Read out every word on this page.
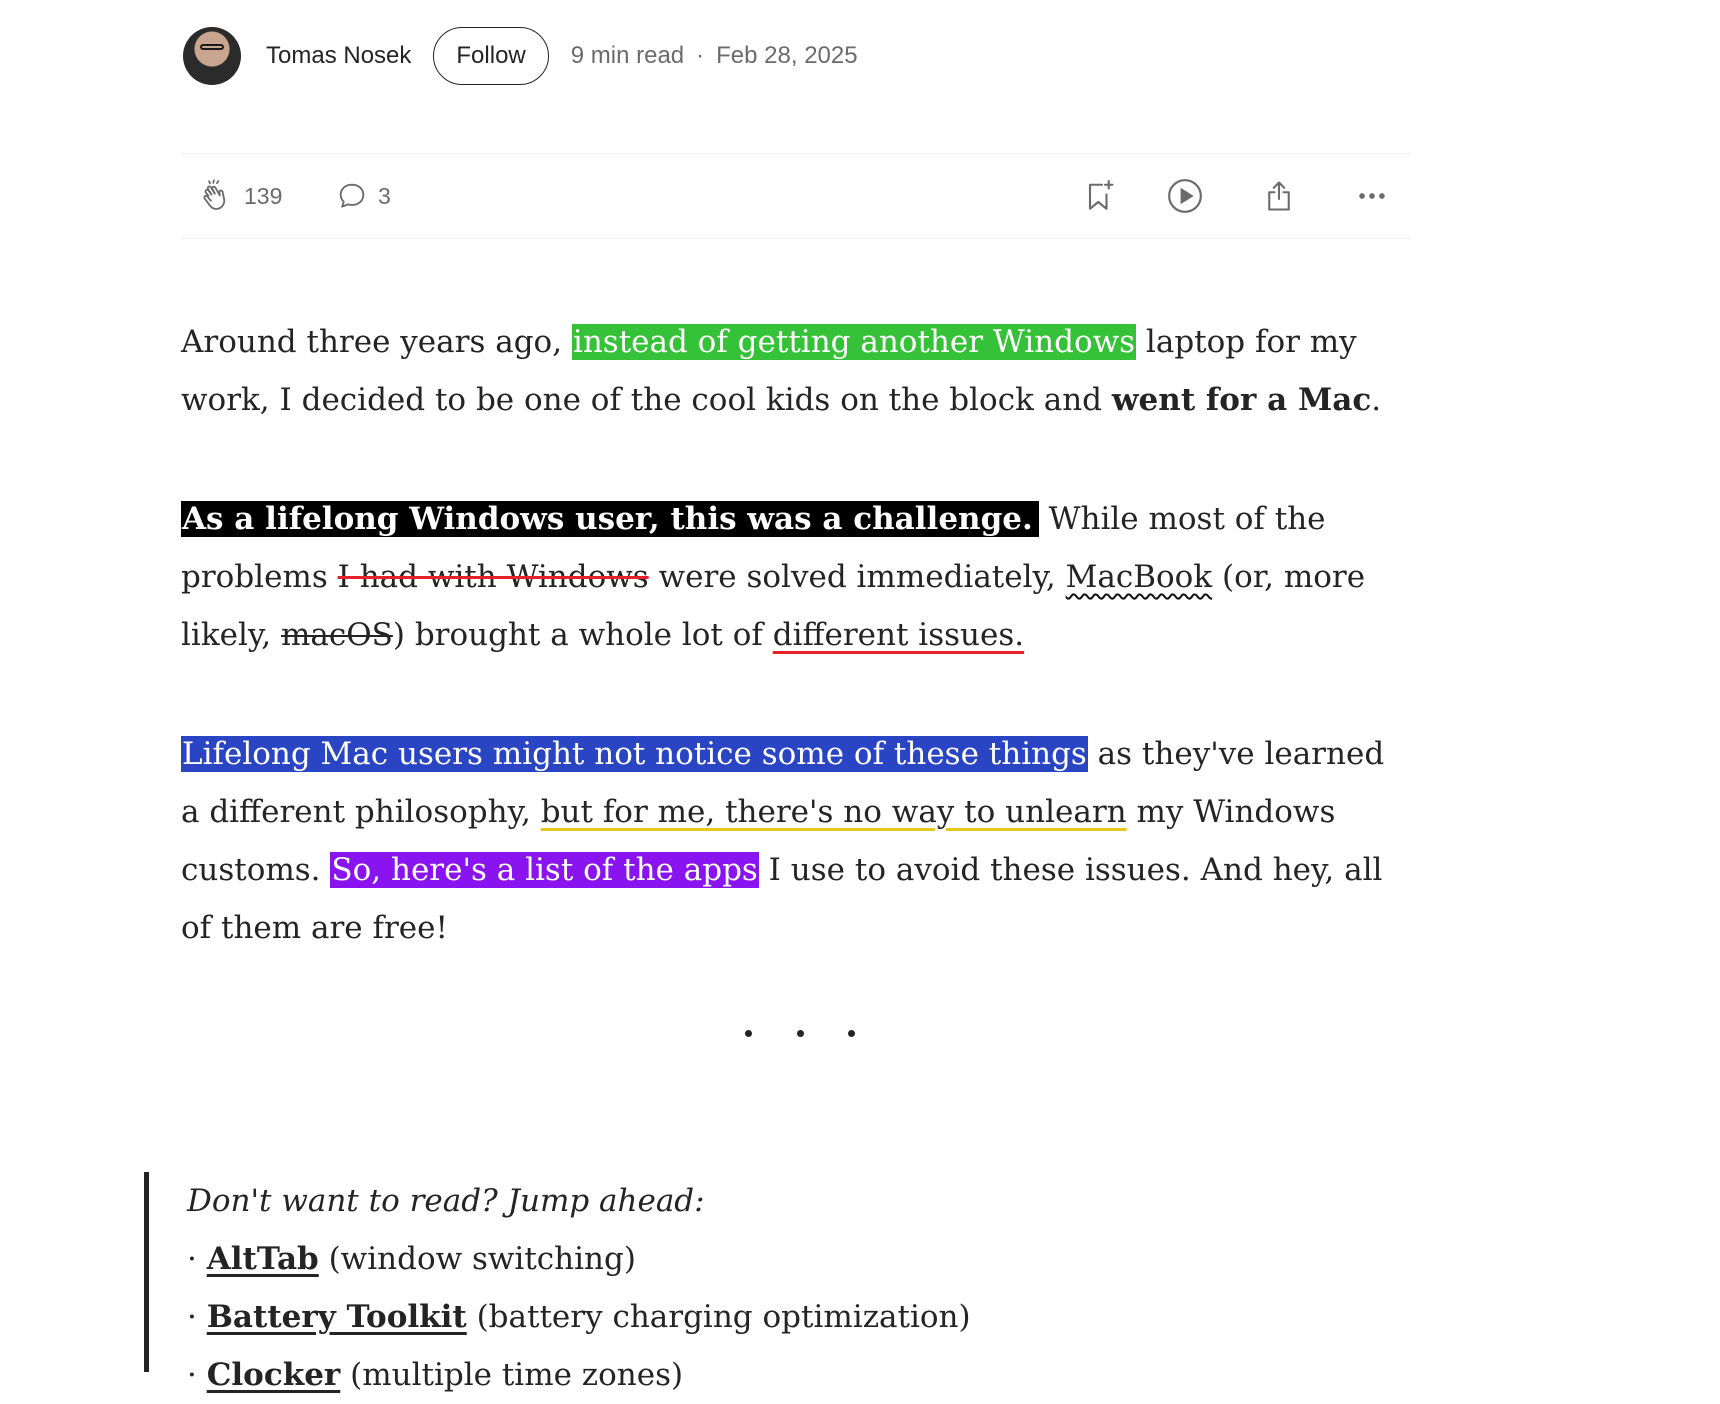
Tomas Nosek	Follow	9 min read · Feb 28, 2025
139	3

Around three years ago, instead of getting another Windows laptop for my work, I decided to be one of the cool kids on the block and went for a Mac.

As a lifelong Windows user, this was a challenge. While most of the problems I had with Windows were solved immediately, MacBook (or, more likely, macOS) brought a whole lot of different issues.

Lifelong Mac users might not notice some of these things as they've learned a different philosophy, but for me, there's no way to unlearn my Windows customs. So, here's a list of the apps I use to avoid these issues. And hey, all of them are free!

Don't want to read? Jump ahead:
· AltTab (window switching)
· Battery Toolkit (battery charging optimization)
· Clocker (multiple time zones)
